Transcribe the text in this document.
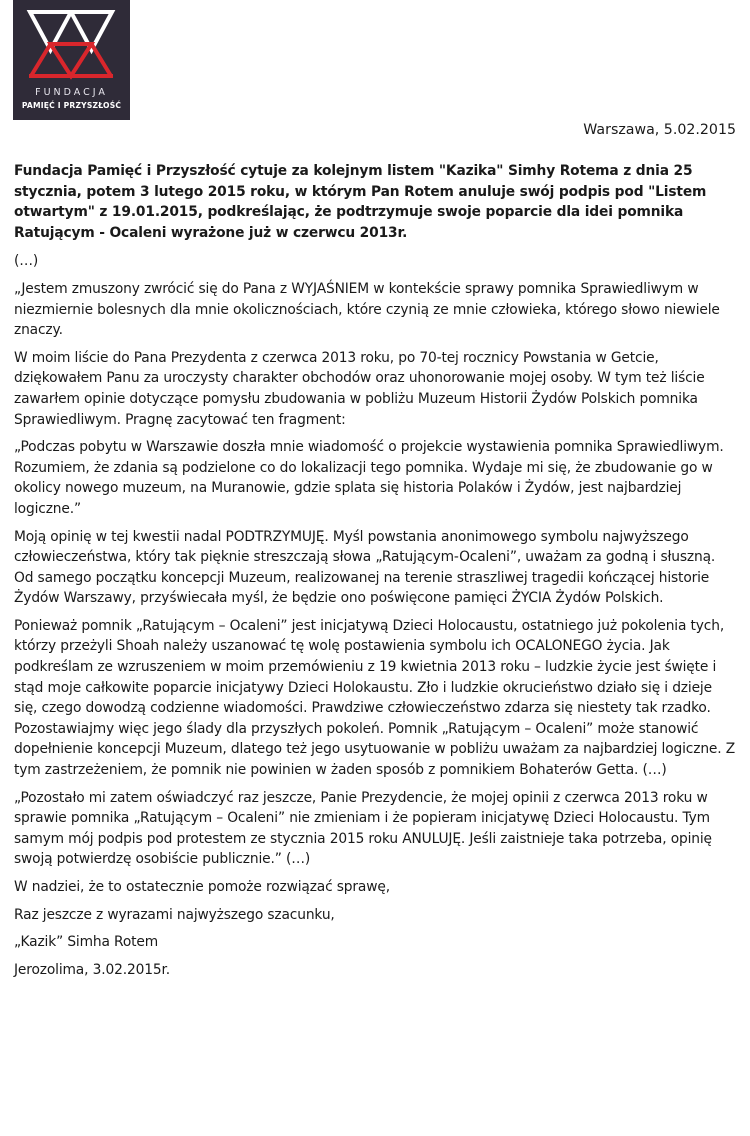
FUNDACJA
PAMIĘĆ I PRZYSZŁOŚĆ
Warszawa, 5.02.2015

Fundacja Pamięć i Przyszłość cytuje za kolejnym listem "Kazika" Simhy Rotema z dnia 25 stycznia, potem 3 lutego 2015 roku, w którym Pan Rotem anuluje swój podpis pod "Listem otwartym" z 19.01.2015, podkreślając, że podtrzymuje swoje poparcie dla idei pomnika Ratującym - Ocaleni wyrażone już w czerwcu 2013r.

(…)

„Jestem zmuszony zwrócić się do Pana z WYJAŚNIEM w kontekście sprawy pomnika Sprawiedliwym w niezmiernie bolesnych dla mnie okolicznościach, które czynią ze mnie człowieka, którego słowo niewiele znaczy.

W moim liście do Pana Prezydenta z czerwca 2013 roku, po 70-tej rocznicy Powstania w Getcie, dziękowałem Panu za uroczysty charakter obchodów oraz uhonorowanie mojej osoby. W tym też liście zawarłem opinie dotyczące pomysłu zbudowania w pobliżu Muzeum Historii Żydów Polskich pomnika Sprawiedliwym. Pragnę zacytować ten fragment:

„Podczas pobytu w Warszawie doszła mnie wiadomość o projekcie wystawienia pomnika Sprawiedliwym. Rozumiem, że zdania są podzielone co do lokalizacji tego pomnika. Wydaje mi się, że zbudowanie go w okolicy nowego muzeum, na Muranowie, gdzie splata się historia Polaków i Żydów, jest najbardziej logiczne.”

Moją opinię w tej kwestii nadal PODTRZYMUJĘ. Myśl powstania anonimowego symbolu najwyższego człowieczeństwa, który tak pięknie streszczają słowa „Ratującym-Ocaleni”, uważam za godną i słuszną. Od samego początku koncepcji Muzeum, realizowanej na terenie straszliwej tragedii kończącej historie Żydów Warszawy, przyświecała myśl, że będzie ono poświęcone pamięci ŻYCIA Żydów Polskich.

Ponieważ pomnik „Ratującym – Ocaleni” jest inicjatywą Dzieci Holocaustu, ostatniego już pokolenia tych, którzy przeżyli Shoah należy uszanować tę wolę postawienia symbolu ich OCALONEGO życia. Jak podkreślam ze wzruszeniem w moim przemówieniu z 19 kwietnia 2013 roku – ludzkie życie jest święte i stąd moje całkowite poparcie inicjatywy Dzieci Holokaustu. Zło i ludzkie okrucieństwo działo się i dzieje się, czego dowodzą codzienne wiadomości. Prawdziwe człowieczeństwo zdarza się niestety tak rzadko. Pozostawiajmy więc jego ślady dla przyszłych pokoleń. Pomnik „Ratującym – Ocaleni” może stanowić dopełnienie koncepcji Muzeum, dlatego też jego usytuowanie w pobliżu uważam za najbardziej logiczne. Z tym zastrzeżeniem, że pomnik nie powinien w żaden sposób z pomnikiem Bohaterów Getta. (…)

„Pozostało mi zatem oświadczyć raz jeszcze, Panie Prezydencie, że mojej opinii z czerwca 2013 roku w sprawie pomnika „Ratującym – Ocaleni” nie zmieniam i że popieram inicjatywę Dzieci Holocaustu. Tym samym mój podpis pod protestem ze stycznia 2015 roku ANULUJĘ. Jeśli zaistnieje taka potrzeba, opinię swoją potwierdzę osobiście publicznie.” (…)

W nadziei, że to ostatecznie pomoże rozwiązać sprawę,

Raz jeszcze z wyrazami najwyższego szacunku,

„Kazik” Simha Rotem

Jerozolima, 3.02.2015r.
